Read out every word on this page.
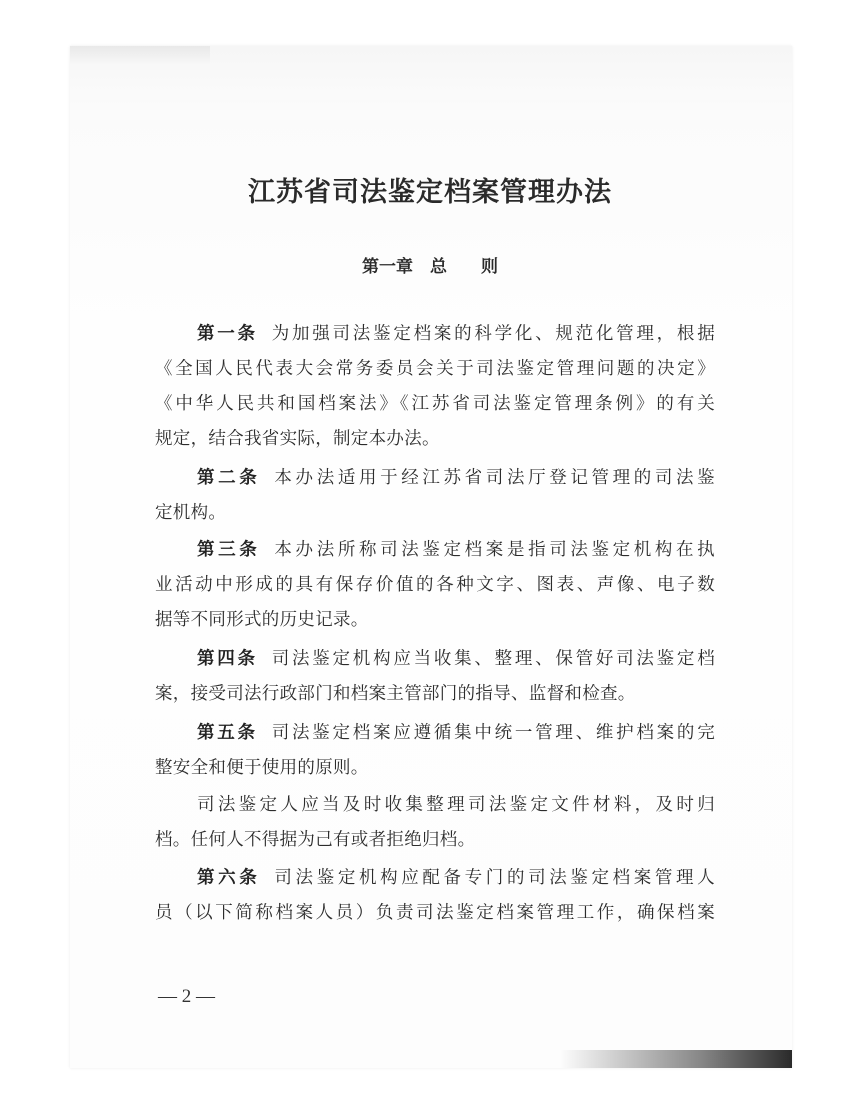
江苏省司法鉴定档案管理办法
第一章　总　　则
第一条 为加强司法鉴定档案的科学化、规范化管理，根据
《全国人民代表大会常务委员会关于司法鉴定管理问题的决定》
《中华人民共和国档案法》《江苏省司法鉴定管理条例》的有关
规定，结合我省实际，制定本办法。
第二条 本办法适用于经江苏省司法厅登记管理的司法鉴
定机构。
第三条 本办法所称司法鉴定档案是指司法鉴定机构在执
业活动中形成的具有保存价值的各种文字、图表、声像、电子数
据等不同形式的历史记录。
第四条 司法鉴定机构应当收集、整理、保管好司法鉴定档
案，接受司法行政部门和档案主管部门的指导、监督和检查。
第五条 司法鉴定档案应遵循集中统一管理、维护档案的完
整安全和便于使用的原则。
司法鉴定人应当及时收集整理司法鉴定文件材料，及时归
档。任何人不得据为己有或者拒绝归档。
第六条 司法鉴定机构应配备专门的司法鉴定档案管理人
员（以下简称档案人员）负责司法鉴定档案管理工作，确保档案
— 2 —
